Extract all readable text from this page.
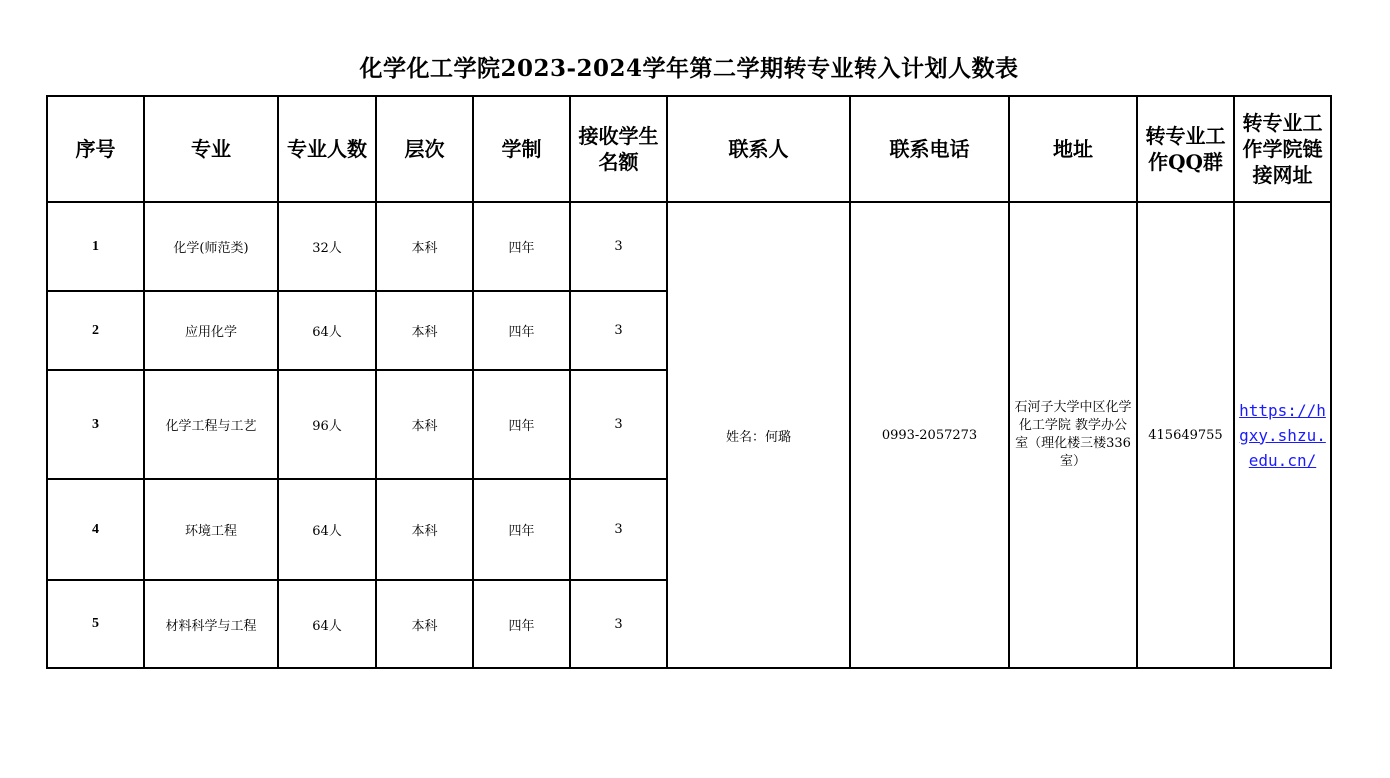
化学化工学院2023-2024学年第二学期转专业转入计划人数表
序号	专业	专业人数	层次	学制	接收学生名额	联系人	联系电话	地址	转专业工作QQ群	转专业工作学院链接网址
1	化学(师范类)	32人	本科	四年	3	姓名：何璐	0993-2057273	石河子大学中区化学化工学院 教学办公室（理化楼三楼336室）	415649755	https://hgxy.shzu.edu.cn/
2	应用化学	64人	本科	四年	3					
3	化学工程与工艺	96人	本科	四年	3					
4	环境工程	64人	本科	四年	3					
5	材料科学与工程	64人	本科	四年	3					
